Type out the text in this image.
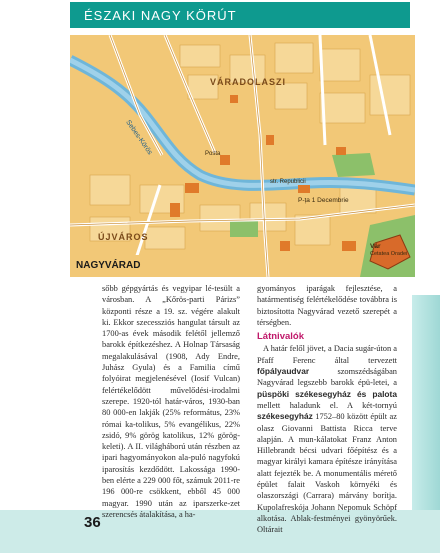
ÉSZAKI NAGY KÖRÚT
VÁRADOLASZI
ÚJVÁROS
Sebes-Körös
P-ța 1 Decembrie
Vár
Cetatea Oradei
str. Republicii
Posta
NAGYVÁRAD
36

sőbb gépgyártás és vegyipar lé-tesült a városban. A „Kőrös-parti Párizs” központi része a 19. sz. végére alakult ki. Ekkor szecessziós hangulat társult az 1700-as évek második felétől jellemző barokk építkezéshez. A Holnap Társaság megalakulásával (1908, Ady Endre, Juhász Gyula) és a Familia című folyóirat megjelenésével (Iosif Vulcan) felértékelődött művelődési-irodalmi szerepe. 1920-tól határ-város, 1930-ban 80 000-en lakják (25% református, 23% római ka-tolikus, 5% evangélikus, 22% zsidó, 9% görög katolikus, 12% görög-keleti). A II. világháború után részben az ipari hagyományokon ala-puló nagyfokú iparosítás kezdődött. Lakossága 1990-ben elérte a 229 000 főt, számuk 2011-re 196 000-re csökkent, ebből 45 000 magyar. 1990 után az iparszerke-zet szerencsés átalakítása, a ha-

gyományos iparágak fejlesztése, a határmentiség felértékelődése továbbra is biztosította Nagyvárad vezető szerepét a térségben.

Látnivalók

A határ felől jövet, a Dacia sugár-úton a Pfaff Ferenc által tervezett főpályaudvar szomszédságában Nagyvárad legszebb barokk épü-letei, a püspöki székesegyház és palota mellett haladunk el. A két-tornyú székesegyház 1752–80 között épült az olasz Giovanni Battista Ricca terve alapján. A mun-kálatokat Franz Anton Hillebrandt bécsi udvari főépítész és a magyar királyi kamara építésze irányítása alatt fejezték be. A monumentális mérető épület falait Vaskoh környéki és olaszországi (Carrara) márvány borítja. Kupolafreskója Johann Nepomuk Schöpf alkotása. Ablak-festményei gyönyörűek. Oltárait
